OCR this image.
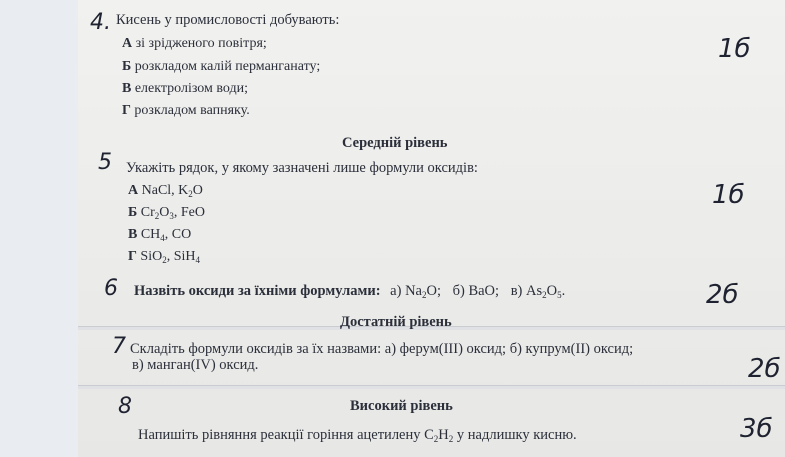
4. Кисень у промисловості добувають:
А зі зрідженого повітря;
Б розкладом калій перманганату;
В електролізом води;
Г розкладом вапняку.
1б
Середній рівень
5 Укажіть рядок, у якому зазначені лише формули оксидів:
А NaCl, $K_2O$
Б $Cr_2O_3$, FeO
В $CH_4$, CO
Г SiO$_2$, SiH$_4$
1б
6 Назвіть оксиди за їхніми формулами: а) $Na_2O$; б) BaO; в) $As_2O_5$.	2б
Достатній рівень
7 Складіть формули оксидів за їх назвами: а) ферум(ІІІ) оксид; б) купрум(ІІ) оксид;
в) манган(IV) оксид.	2б
8	Високий рівень
Напишіть рівняння реакції горіння ацетилену $C_2H_2$ у надлишку кисню.	3б
